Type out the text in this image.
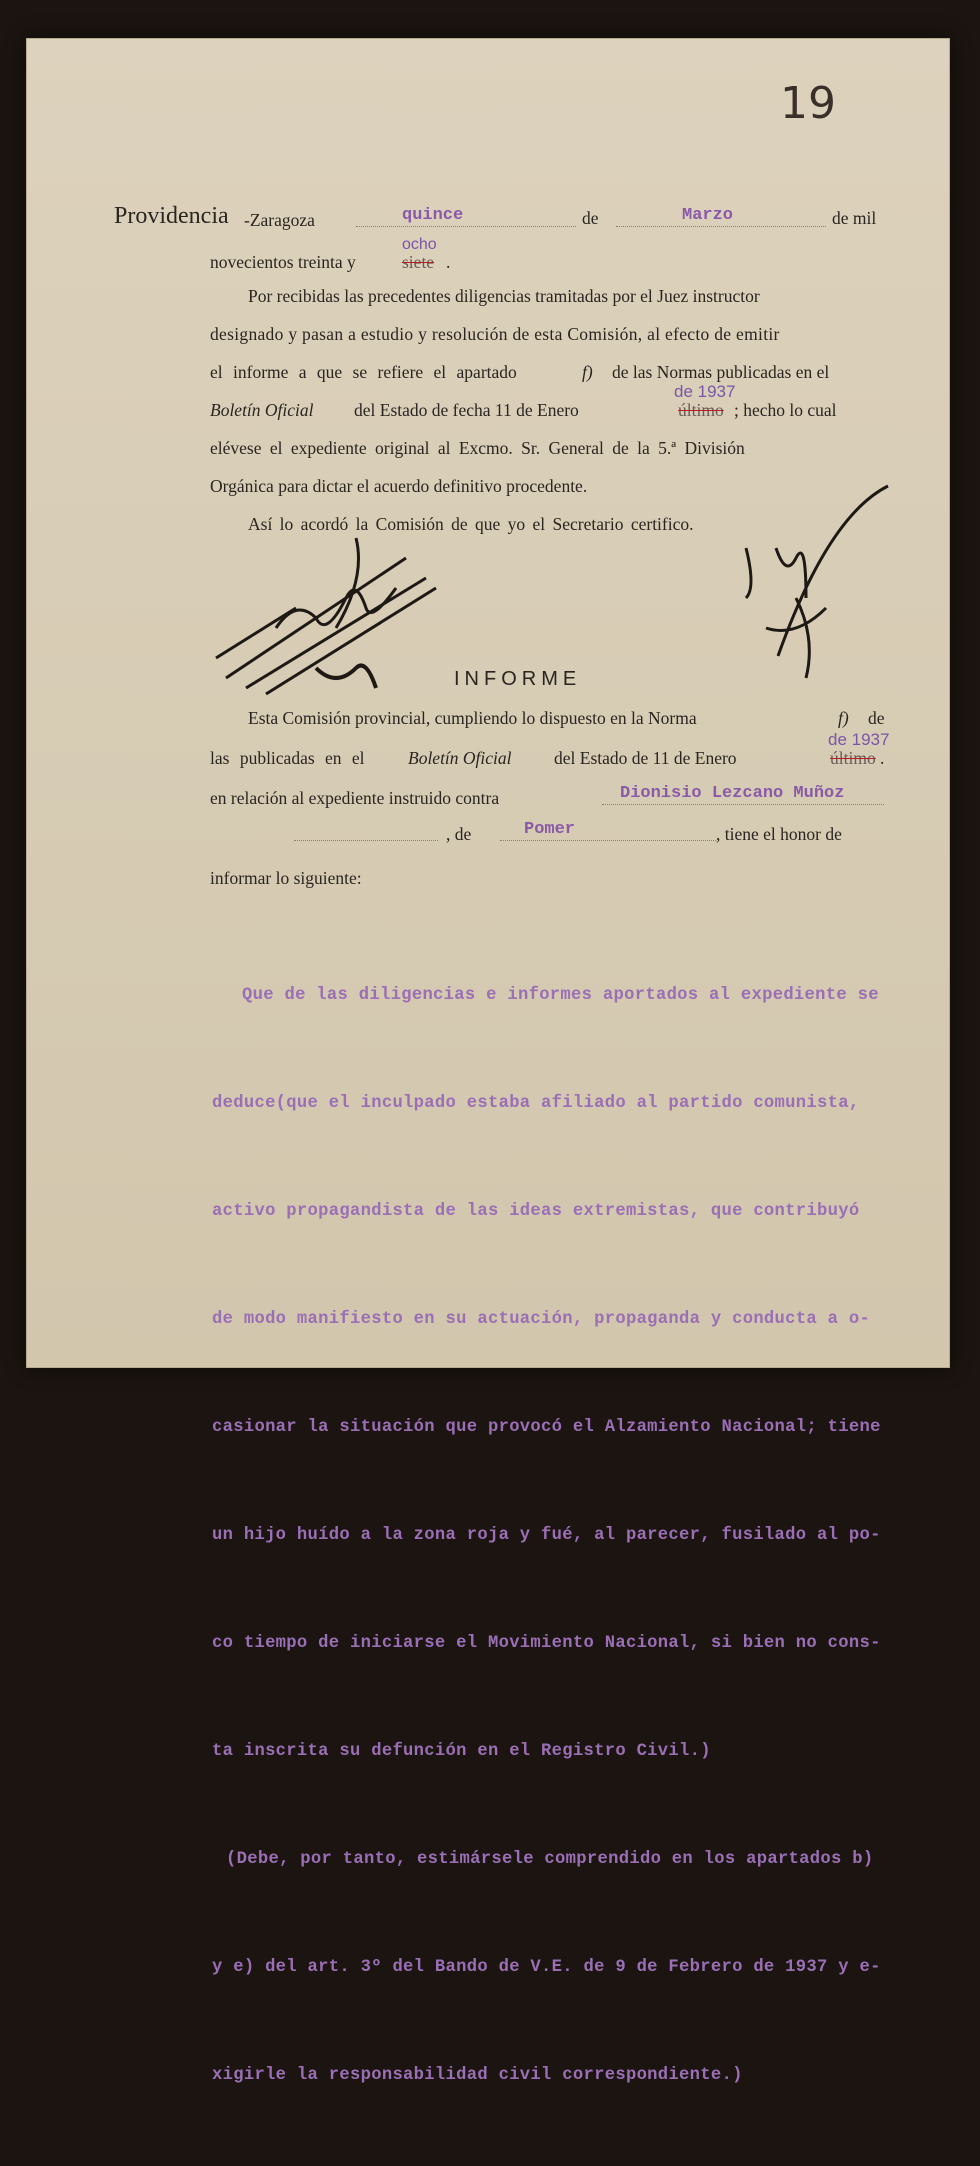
19
Providencia -Zaragoza	quince	de	Marzo	de mil
novecientos treinta y
ocho
siete .
Por recibidas las precedentes diligencias tramitadas por el Juez instructor
designado y pasan a estudio y resolución de esta Comisión, al efecto de emitir
el informe a que se refiere el apartado	f) de las Normas publicadas en el
Boletín Oficial del Estado de fecha 11 de Enero
de 1937
último ; hecho lo cual
elévese el expediente original al Excmo. Sr. General de la 5.ª División
Orgánica para dictar el acuerdo definitivo procedente.
Así lo acordó la Comisión de que yo el Secretario certifico.
INFORME
Esta Comisión provincial, cumpliendo lo dispuesto en la Norma	f) de
las publicadas en el Boletín Oficial del Estado de 11 de Enero
de 1937
último .
en relación al expediente instruido contra	Dionisio Lezcano Muñoz
, de	Pomer	, tiene el honor de
informar lo siguiente:

Que de las diligencias e informes aportados al expediente se

deduce(que el inculpado estaba afiliado al partido comunista,

activo propagandista de las ideas extremistas, que contribuyó

de modo manifiesto en su actuación, propaganda y conducta a o-

casionar la situación que provocó el Alzamiento Nacional; tiene

un hijo huído a la zona roja y fué, al parecer, fusilado al po-

co tiempo de iniciarse el Movimiento Nacional, si bien no cons-

ta inscrita su defunción en el Registro Civil.)

(Debe, por tanto, estimársele comprendido en los apartados b)

y e) del art. 3º del Bando de V.E. de 9 de Febrero de 1937 y e-

xigirle la responsabilidad civil correspondiente.)
